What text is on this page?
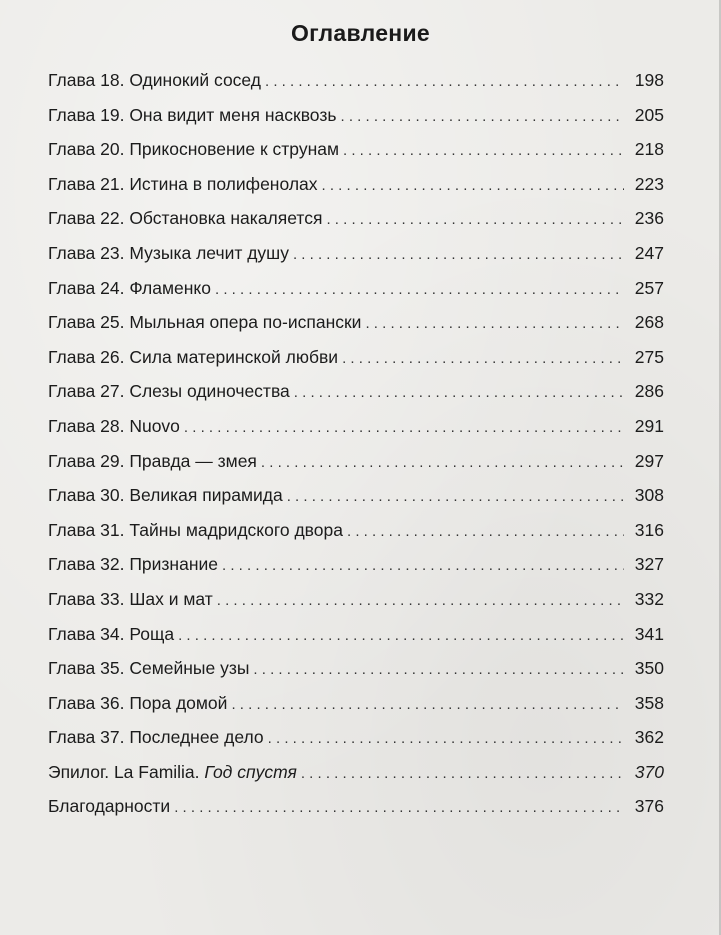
Оглавление
Глава 18. Одинокий сосед . . .	198
Глава 19. Она видит меня насквозь . . .	205
Глава 20. Прикосновение к струнам . . .	218
Глава 21. Истина в полифенолах . . .	223
Глава 22. Обстановка накаляется . . .	236
Глава 23. Музыка лечит душу . . .	247
Глава 24. Фламенко . . .	257
Глава 25. Мыльная опера по-испански . . .	268
Глава 26. Сила материнской любви . . .	275
Глава 27. Слезы одиночества . . .	286
Глава 28. Nuovo . . .	291
Глава 29. Правда — змея . . .	297
Глава 30. Великая пирамида . . .	308
Глава 31. Тайны мадридского двора . . .	316
Глава 32. Признание . . .	327
Глава 33. Шах и мат . . .	332
Глава 34. Роща . . .	341
Глава 35. Семейные узы . . .	350
Глава 36. Пора домой . . .	358
Глава 37. Последнее дело . . .	362
Эпилог. La Familia. Год спустя . . .	370
Благодарности . . .	376
